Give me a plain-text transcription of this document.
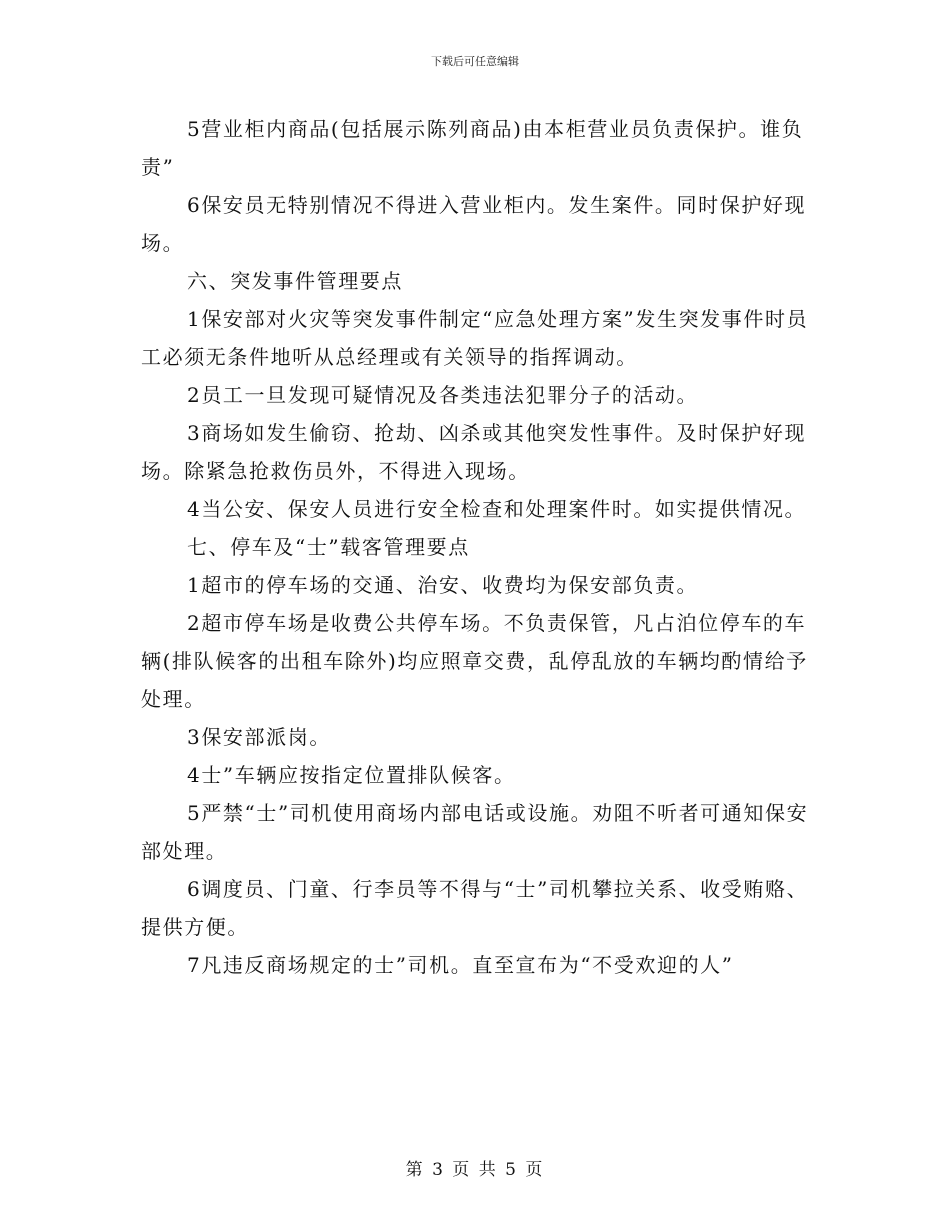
下载后可任意编辑

5营业柜内商品(包括展示陈列商品)由本柜营业员负责保护。谁负责”

6保安员无特别情况不得进入营业柜内。发生案件。同时保护好现场。

六、突发事件管理要点

1保安部对火灾等突发事件制定“应急处理方案”发生突发事件时员工必须无条件地听从总经理或有关领导的指挥调动。

2员工一旦发现可疑情况及各类违法犯罪分子的活动。

3商场如发生偷窃、抢劫、凶杀或其他突发性事件。及时保护好现场。除紧急抢救伤员外，不得进入现场。

4当公安、保安人员进行安全检查和处理案件时。如实提供情况。

七、停车及“士”载客管理要点

1超市的停车场的交通、治安、收费均为保安部负责。

2超市停车场是收费公共停车场。不负责保管，凡占泊位停车的车辆(排队候客的出租车除外)均应照章交费，乱停乱放的车辆均酌情给予处理。

3保安部派岗。

4士”车辆应按指定位置排队候客。

5严禁“士”司机使用商场内部电话或设施。劝阻不听者可通知保安部处理。

6调度员、门童、行李员等不得与“士”司机攀拉关系、收受贿赂、提供方便。

7凡违反商场规定的士”司机。直至宣布为“不受欢迎的人”

第 3 页 共 5 页
